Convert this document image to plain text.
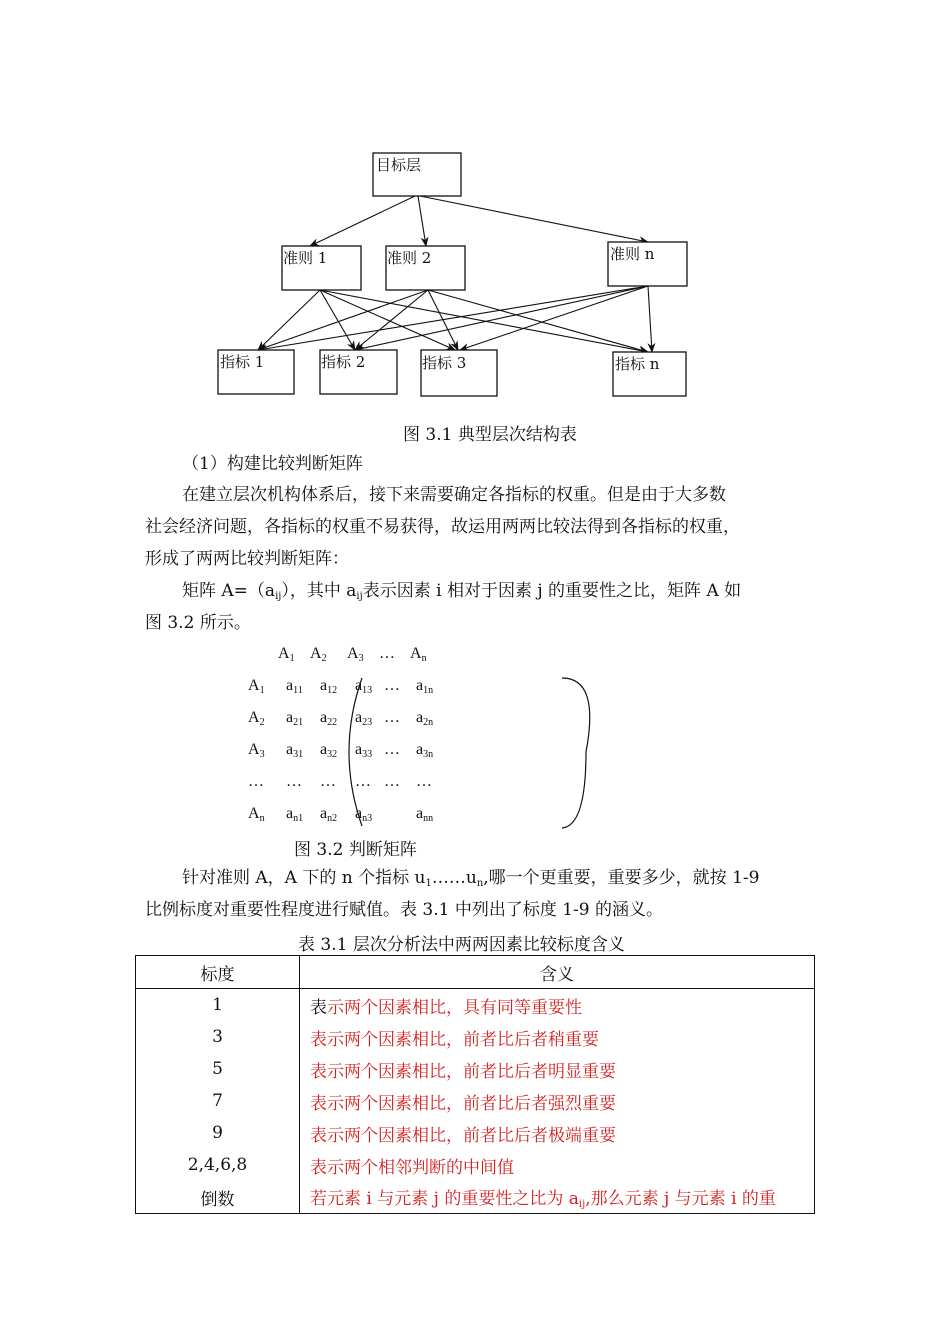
目标层
准则 1	准则 2	准则 n
指标 1	指标 2	指标 3	指标 n
图 3.1 典型层次结构表
（1）构建比较判断矩阵
在建立层次机构体系后，接下来需要确定各指标的权重。但是由于大多数
社会经济问题，各指标的权重不易获得，故运用两两比较法得到各指标的权重，
形成了两两比较判断矩阵：
矩阵 $A=(a_{ij})$，其中 $a_{ij}$表示因素 i 相对于因素 j 的重要性之比，矩阵 A 如
图 3.2 所示。
$A_1$ $A_2$ $A_3$ … $A_n$
$A_1$ $a_{11}$ $a_{12}$ $a_{13}$ … $a_{1n}$
$A_2$ $a_{21}$ $a_{22}$ $a_{23}$ … $a_{2n}$
$A_3$ $a_{31}$ $a_{32}$ $a_{33}$ … $a_{3n}$
… … … … … …
$A_n$ $a_{n1}$ $a_{n2}$ $a_{n3}$	$a_{nn}$
图 3.2 判断矩阵
针对准则 A，A 下的 n 个指标 $u_1\dots\dots u_n$,哪一个更重要，重要多少，就按 1-9
比例标度对重要性程度进行赋值。表 3.1 中列出了标度 1-9 的涵义。
表 3.1 层次分析法中两两因素比较标度含义
标度	含义
1	表示两个因素相比，具有同等重要性
3	表示两个因素相比，前者比后者稍重要
5	表示两个因素相比，前者比后者明显重要
7	表示两个因素相比，前者比后者强烈重要
9	表示两个因素相比，前者比后者极端重要
2,4,6,8	表示两个相邻判断的中间值
倒数	若元素 i 与元素 j 的重要性之比为 $a_{ij}$,那么元素 j 与元素 i 的重
